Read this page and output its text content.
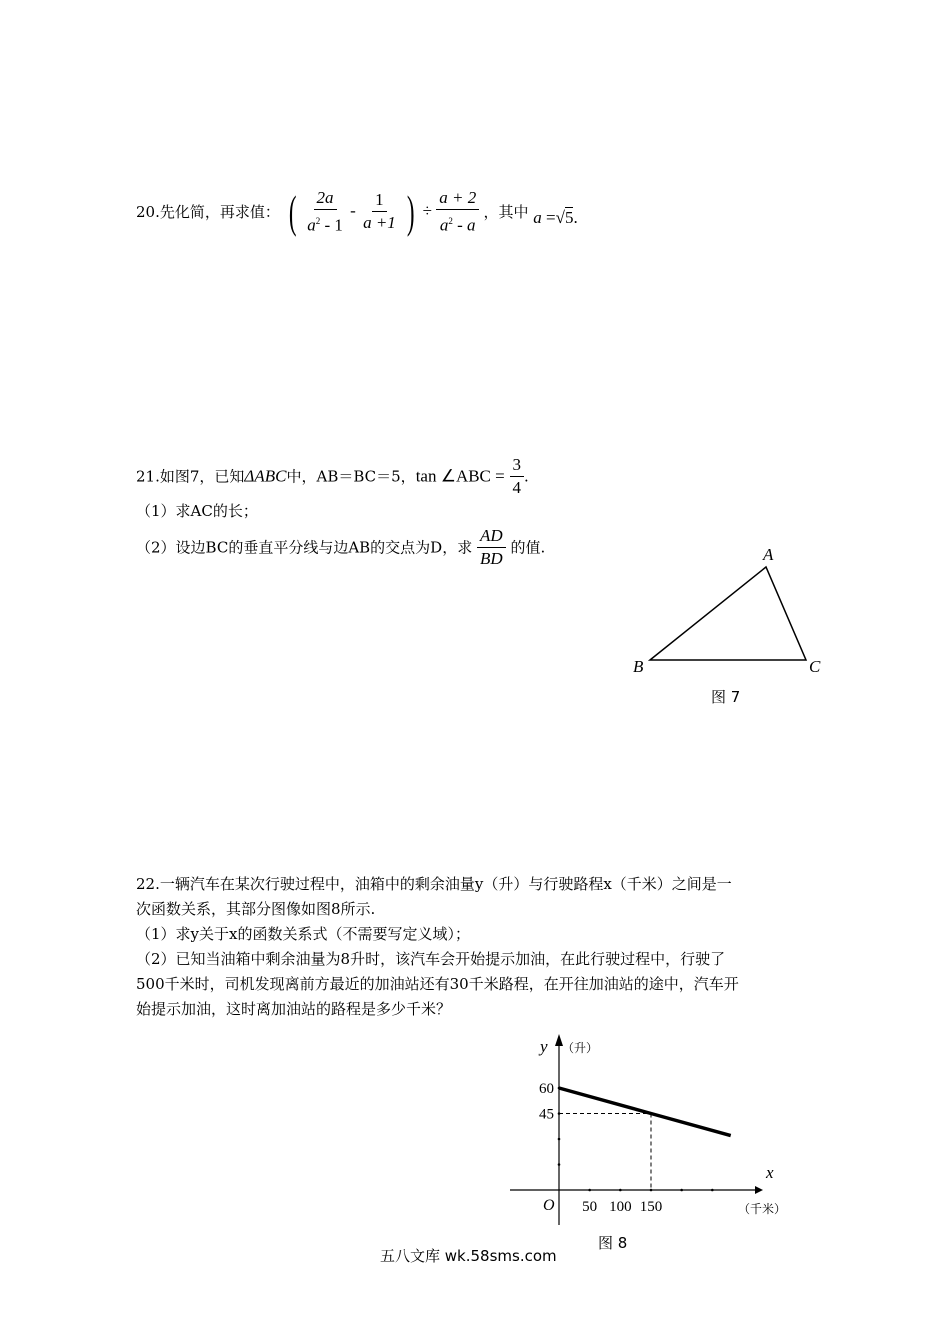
20.先化简，再求值： ( $\frac{2a}{a^2 - 1} - \frac{1}{a +1}$ ) ÷ $\frac{a + 2}{a^2 - a}$ ，其中 a =√5.
21.如图7，已知ΔABC中，AB＝BC＝5，tan ∠ABC = $\frac{3}{4}$ .
（1）求AC的长；
（2）设边BC的垂直平分线与边AB的交点为D，求 $\frac{AD}{BD}$ 的值.	A
B	C
图 7
22.一辆汽车在某次行驶过程中，油箱中的剩余油量y（升）与行驶路程x（千米）之间是一
次函数关系，其部分图像如图8所示.
（1）求y关于x的函数关系式（不需要写定义域）；
（2）已知当油箱中剩余油量为8升时，该汽车会开始提示加油，在此行驶过程中，行驶了
500千米时，司机发现离前方最近的加油站还有30千米路程，在开往加油站的途中，汽车开
始提示加油，这时离加油站的路程是多少千米？
50 100 150
45
60
O
x
（千米）
y （升）
图 8
五八文库 wk.58sms.com
